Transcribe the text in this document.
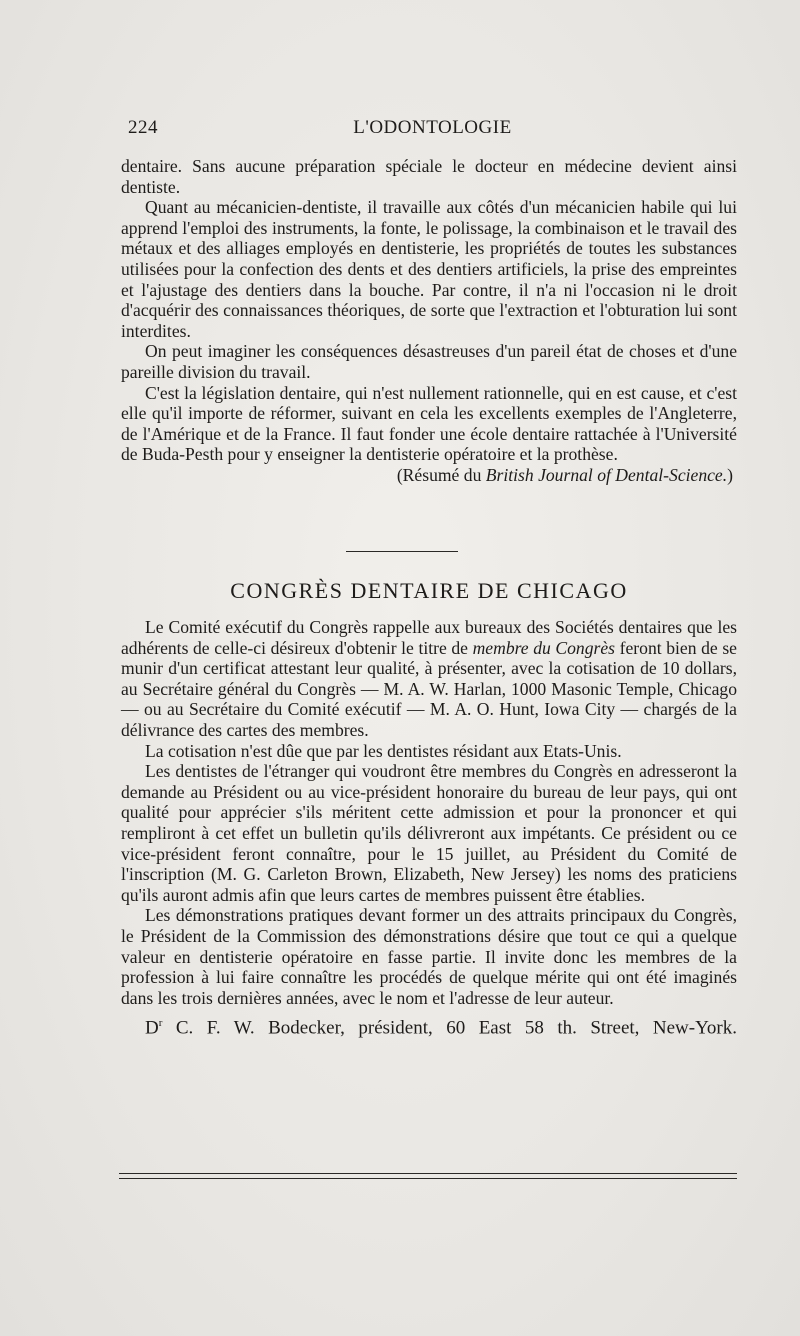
224	L'ODONTOLOGIE

dentaire. Sans aucune préparation spéciale le docteur en médecine devient ainsi dentiste.

Quant au mécanicien-dentiste, il travaille aux côtés d'un mécanicien habile qui lui apprend l'emploi des instruments, la fonte, le polissage, la combinaison et le travail des métaux et des alliages employés en dentisterie, les propriétés de toutes les substances utilisées pour la confection des dents et des dentiers artificiels, la prise des empreintes et l'ajustage des dentiers dans la bouche. Par contre, il n'a ni l'occasion ni le droit d'acquérir des connaissances théoriques, de sorte que l'extraction et l'obturation lui sont interdites.

On peut imaginer les conséquences désastreuses d'un pareil état de choses et d'une pareille division du travail.

C'est la législation dentaire, qui n'est nullement rationnelle, qui en est cause, et c'est elle qu'il importe de réformer, suivant en cela les excellents exemples de l'Angleterre, de l'Amérique et de la France. Il faut fonder une école dentaire rattachée à l'Université de Buda-Pesth pour y enseigner la dentisterie opératoire et la prothèse.

(Résumé du British Journal of Dental-Science.)

CONGRÈS DENTAIRE DE CHICAGO

Le Comité exécutif du Congrès rappelle aux bureaux des Sociétés dentaires que les adhérents de celle-ci désireux d'obtenir le titre de membre du Congrès feront bien de se munir d'un certificat attestant leur qualité, à présenter, avec la cotisation de 10 dollars, au Secrétaire général du Congrès — M. A. W. Harlan, 1000 Masonic Temple, Chicago — ou au Secrétaire du Comité exécutif — M. A. O. Hunt, Iowa City — chargés de la délivrance des cartes des membres.

La cotisation n'est dûe que par les dentistes résidant aux Etats-Unis.

Les dentistes de l'étranger qui voudront être membres du Congrès en adresseront la demande au Président ou au vice-président honoraire du bureau de leur pays, qui ont qualité pour apprécier s'ils méritent cette admission et pour la prononcer et qui rempliront à cet effet un bulletin qu'ils délivreront aux impétants. Ce président ou ce vice-président feront connaître, pour le 15 juillet, au Président du Comité de l'inscription (M. G. Carleton Brown, Elizabeth, New Jersey) les noms des praticiens qu'ils auront admis afin que leurs cartes de membres puissent être établies.

Les démonstrations pratiques devant former un des attraits principaux du Congrès, le Président de la Commission des démonstrations désire que tout ce qui a quelque valeur en dentisterie opératoire en fasse partie. Il invite donc les membres de la profession à lui faire connaître les procédés de quelque mérite qui ont été imaginés dans les trois dernières années, avec le nom et l'adresse de leur auteur.

$D^r$ C. F. W. Bodecker, président, 60 East 58 th. Street, New-York.
